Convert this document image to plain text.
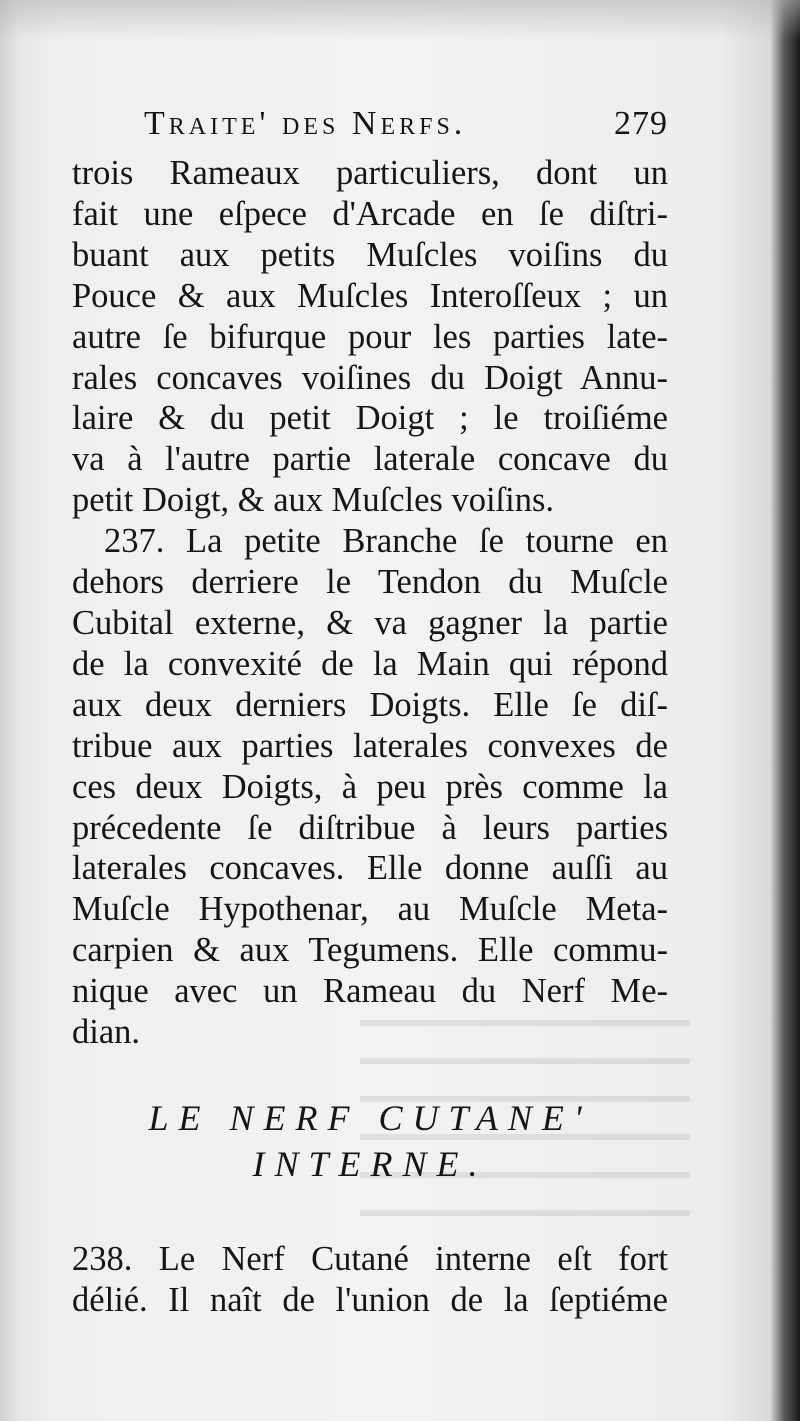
Traite' des Nerfs.	279
trois Rameaux particuliers, dont un
fait une eſpece d'Arcade en ſe diſtri-
buant aux petits Muſcles voiſins du
Pouce & aux Muſcles Interoſſeux ; un
autre ſe bifurque pour les parties late-
rales concaves voiſines du Doigt Annu-
laire & du petit Doigt ; le troiſiéme
va à l'autre partie laterale concave du
petit Doigt, & aux Muſcles voiſins.
237. La petite Branche ſe tourne en
dehors derriere le Tendon du Muſcle
Cubital externe, & va gagner la partie
de la convexité de la Main qui répond
aux deux derniers Doigts. Elle ſe diſ-
tribue aux parties laterales convexes de
ces deux Doigts, à peu près comme la
précedente ſe diſtribue à leurs parties
laterales concaves. Elle donne auſſi au
Muſcle Hypothenar, au Muſcle Meta-
carpien & aux Tegumens. Elle commu-
nique avec un Rameau du Nerf Me-
dian.
LE NERF CUTANE'
INTERNE.
238. Le Nerf Cutané interne eſt fort
délié. Il naît de l'union de la ſeptiéme
